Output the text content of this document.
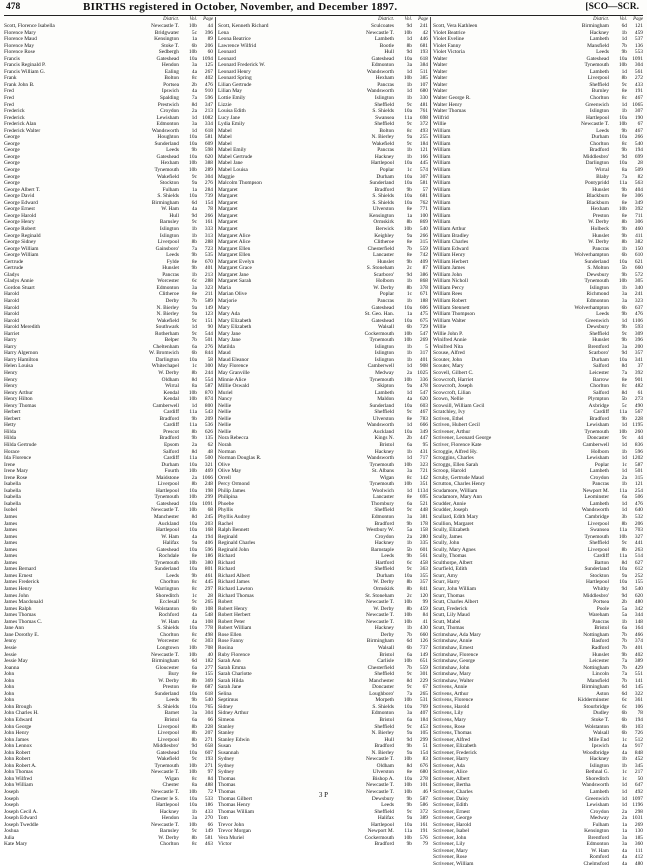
478	BIRTHS registered in October, November, and December 1897.	[SCO—SCR.
District.	Vol.	Page
Scott, Florence Isabella	Newcastle T.	10b	44
Florence Mary	Bridgwater	5c	396
Florence Maud	Kensington	1a	89
Florence May	Stoke T.	6b	206
Florence Rose	Sedbergh	10b	60
Francis	Gateshead	10a 1094
Francis Reginald P.	Hendon	3a	125
Francis William G.	Ealing	4a	267
Frank	Bolton	8c	402
Frank John B.	Portsea	2b	476
Fred	Ipswich	4a	910
Fred	Spalding	7a	596
Fred	Prestwich	8d	347
Frederick	Croydon	2a	213
Frederick	Lewisham	1d 1082
Frederick Alan	Edmonton	3a	334
Frederick Walter	Wandsworth	1d	618
George	Houghton	10a	581
George	Sunderland	10a	609
George	Leeds	9b	598
George	Gateshead	10a	620
George	Hexham	10b	388
George	Tynemouth	10b	289
George	Wakefield	9c	304
George	Stockton	9a	276
George Albert T.	Fulham	1a	284
George David	S. Shields	10a	739
George Edward	Birmingham	6d	154
George Ernest	W. Ham	4a	78
George Harold	Hull	9d	266
George Henry	Barnsley	9c	161
George Robert	Islington	1b	333
George Reginald	Islington	1b	313
George Sidney	Liverpool	8b	288
George William	Gainsboro'	7a	723
George William	Leeds	9b	535
Gertrude	Fylde	8e	670
Gertrude	Hunslet	9b	401
Gladys	Pancras	1b	213
Gladys Annie	Worcester	6c	288
Gordon Stuart	Edmonton	3a	323
Harold	Clitheroe	8e	211
Harold	Derby	7b	589
Harold	N. Bierley	9a	149
Harold	N. Bierley	9a	123
Harold	Wakefield	9c	151
Harold Meredith	Southwark	1d	90
Harriet	Rotherham	9c	544
Harry	Belper	7b	501
Harry	Cheltenham	6a	276
Harry Algernon	W. Bromwich	6b	844
Harry Hamilton	Darlington	10a	58
Helen Louisa	Whitechapel	1c	300
Henry	W. Derby	8b	244
Henry	Oldham	8d	554
Henry	Wirral	8a	587
Henry Arthur	Kendal	10b	870
Henry Hilton	Kendal	10b	874
Henry Thomas	Camberwell	1d	800
Herbert	Cardiff	11a	543
Herbert	Bradford	9b	209
Hetty	Cardiff	11a	536
Hilda	Prescot	8b	626
Hilda	Bradford	9b	135
Hilda Gertrude	Epsom	2a	62
Horace	Salford	8d	48
Ida Florence	Cardiff	11a	500
Irene	Durham	10a	321
Irene Mary	Fourth	10b	469
Irene Rose	Maidstone	2a 1066
Isabella	Liverpool	8b	248
Isabella	Hartlepool	10a	198
Isabella	Tynemouth	10b	299
Isabella	Gateshead	10a 1091
Isobel	Newcastle T.	10b	68
James	Manchester	8d	245
James	Auckland	10a	203
James	Hartlepool	10a	168
James	W. Ham	4a	194
James	Halifax	9a	406
James	Gateshead	10a	596
James	Rochdale	8e	186
James	Tynemouth	10b	380
James Bernard	Sunderland	10a	801
James Ernest	Leeds	9b	461
James Frederick	Chorlton	8c	445
James Henry	Warrington	8c	297
James John	Shoreditch	1c	28
James Macdonald	Ecclesall	9c	265
James Ralph	Wolstanton	6b	108
James Thomas	Rochford	4a	548
James Thomas C.	W. Ham	4a	108
Jane Ann	S. Shields	10a	778
Jane Dorothy E.	Chorlton	8c	498
Jenny	Worcester	6c	303
Jessie	Longtown	10b	708
Jessie	Newcastle T.	10b	40
Jessie May	Birmingham	6d	182
Joanna	Gloucester	6a	277
John	Bury	8e	155
John	W. Derby	8b	369
John	Preston	8e	687
John	Sunderland	10a	618
John	Leeds	9b	540
John Brough	S. Shields	10a	765
John Charles H.	Barnet	3a	304
John Edward	Bristol	6a	66
John George	Liverpool	8b	228
John Henry	Liverpool	8b	207
John James	Liverpool	8b	271
John Lennox	Middlesbro'	9d	658
John Robert	Gateshead	10a	607
John Robert	Wakefield	9c	193
John Robert A.	Tynemouth	10b	271
John Thomas	Newcastle T.	10b	97
John Wilfred	Wigan	8c	84
John William	Chester	8a	488
Joseph	Newcastle T.	10b	72
Joseph	Chester le S.	10a	533
Joseph	Hartlepool	10a	186
Joseph Cecil A.	Hackney	1b	433
Joseph Edward	Hendon	3a	270
Joseph Tweddle	Newcastle T.	10b	66
Joshua	Barnsley	9c	149
Julia	W. Derby	8b	581
Kate Mary	Chorlton	8c	463
District.	Vol.	Page
Scott, Kenneth Richard	Sculcoates	9d	241
Lena	Newcastle T.	10b	42
Leona Beatrice	Lambeth	1d	446
Lawrence Wilfrid	Bootle	8b	681
Leonard	Hull	9d	193
Leonard	Gateshead	10a	618
Leonard Frederick W.	Edmonton	3a	384
Leonard Henry	Wandsworth	1d	511
Leonard Spring	Hexham	10b	385
Lilian Gertrude	Pancras	1b	107
Lilian May	Wandsworth	1d	680
Lottie Emily	Islington	1b	330
Lizzie	Sheffield	9c	481
Louisa Edith	S. Shields	10a	761
Lucy Jane	Swansea	11a	698
Lydia Emily	Sheffield	9c	372
Mabel	Bolton	8c	493
Mabel	N. Bierley	9a	255
Mabel	Wakefield	9c	184
Mabel Emily	Pancras	1b	121
Mabel Gertrude	Hackney	1b	166
Mabel Jane	Hartlepool	10a	445
Mabel Louisa	Poplar	1c	574
Maggie	Durham	10a	307
Malcolm Thompson	Sunderland	10a	581
Margaret	Bradford	9b	57
Margaret	S. Shields	10a	681
Margaret	S. Shields	10a	762
Margaret	Ulverston	8e	771
Margaret	Kensington	1a	100
Margaret	Ormskirk	8b	869
Margaret	Berwick	10b	540
Margaret Alice	Keighley	9a	266
Margaret Alice	Clitheroe	8e	315
Margaret Ellen	Chesterfield	7b	559
Margaret Ellen	Lancaster	8e	742
Margaret Evelyn	Hunslet	9b	409
Margaret Grace	S. Stoneham	2c	87
Margaret Jane	Scarboro'	9d	386
Margaret Sarah	Holborn	1b	868
Maria	W. Derby	8b	378
Marian Olive	Poplar	1c	671
Marjorie	Pancras	1b	188
Mary	Gateshead	10a	606
Mary Ada	St. Geo. Han.	1a	475
Mary Elizabeth	Gateshead	10a	675
Mary Elizabeth	Walsall	6b	729
Mary Jane	Cockermouth	10b	547
Mary Jane	Tynemouth	10b	269
Matilda	Islington	1b	5
Maud	Islington	1b	317
Maud Eleanor	Islington	1b	401
May Florence	Camberwell	1d	908
May Granville	Medway	2a 1025
Minnie Alice	Tynemouth	10b	336
Millie Oswald	Skipton	9a	478
Muriel	Lambeth	1d	547
Nancy	Maldon	4a	620
Nellie	Sunderland	10a	603
Nellie	Sheffield	9c	467
Nellie	Ulverston	8e	783
Nellie	Wandsworth	1d	666
Nellie	Auckland	10a	349
Nora Rebecca	Kings N.	2b	447
Norah	Bristol	6a	95
Norman	Hackney	1b	431
Norman Douglas R.	Wandsworth	1d	717
Olive	Tynemouth	10b	323
Olive May	St. Albans	3a	721
Orrell	Wigan	8c	142
Percy Ormond	Tynemouth	10b	351
Philip James	Woolwich	1d	1134
Philipina	Lancaster	8e	695
Phoebe	Thornbury	6a	521
Phyllis	Sheffield	9c	448
Phyllis Audrey	Edmonton	3a	381
Rachel	Bradford	9b	178
Ralph Bennett	Westbury W.	5a	158
Reginald	Croydon	2a	280
Reginald Charles	Hackney	1b	335
Reginald John	Barnstaple	5b	601
Richard	Leeds	9b	561
Richard	Hartford	6c	458
Richard	Sheffield	9c	363
Richard Albert	Durham	10a	355
Richard James	W. Derby	8b	357
Richard Lawton	Ormskirk	8b	841
Richard Thomas	St. Stoneham	2c	120
Robert	Newcastle T.	10b	99
Robert Henry	W. Derby	8b	459
Robert Herbert	Newcastle T.	10b	84
Robert Peter	Newcastle T.	10b	41
Robert William	Hackney	1b	430
Rose Ellen	Derby	7b	660
Rose Fanny	Birmingham	6d	126
Rosina	Walsall	6b	737
Ruby Florence	Bristol	6a	149
Sarah Ann	Carlisle	10b	651
Sarah Emma	Chesterfield	7b	559
Sarah Charlotte	Sheffield	9c	301
Sarah Hilda	Manchester	8d	229
Sarah Jane	Doncaster	9c	67
Selina	Loughboro'	7a	265
Septimus	Morpeth	10b	531
Sidney	S. Shields	10a	769
Sidney Arthur	Edmonton	3a	407
Simeon	Bristol	6a	184
Stanley	Sheffield	9c	453
Stanley	N. Bierley	9a	105
Stanley Edwin	Hull	9d	299
Susan	Bradford	9b	51
Susannah	N. Bierley	9a	154
Sydney	Newcastle T.	10b	83
Sydney	Oldham	8d	676
Sydney	Ulverston	8e	680
Thomas	Bishop A.	10a	278
Thomas	Newcastle T.	10b	101
Thomas	Newcastle T.	10b	46
Thomas Gilbert	Dewsbury	9b	587
Thomas Henry	Leeds	9b	586
Thomas William	Sheffield	9c	372
Tom	Halifax	9a	389
Trevor John	Hartlepool	10a	161
Trevor Morgan	Newport M.	11a	191
Vera Muriel	Cockermouth	10b	576
Victor	Bradford	9b	79
District.	Vol.	Page
Scott, Vera Kathleen	Birmingham	6d	121
Violet Beatrice	Hackney	1b	459
Violet Eveline	Lambeth	1d	537
Violet Fanny	Mansfield	7b	136
Violet Victoria	Leeds	9b	553
Walter	Gateshead	10a 1091
Walter	Tynemouth	10b	304
Walter	Lambeth	1d	561
Walter	Liverpool	8b	272
Walter	Sheffield	9c	433
Walter	Burnley	8e	191
Walter George R.	Chorlton	8c	467
Walter Henry	Greenwich	1d 1065
Walter Thomas	Islington	1b	307
Wilfrid	Hartlepool	10a	190
Willie	Newcastle T.	10b	67
William	Leeds	9b	467
William	Durham	10a	266
William	Chorlton	8c	540
William	Bradford	9b	194
William	Middlesbro'	9d	699
William	Darlington	10a	28
William	Wirral	8a	509
William	Blaby	7a	82
William	Pontypridd	11a	563
William	Hunslet	9b	404
William	Blackburn	8e	306
William	Blackburn	8e	349
William	Hexham	10b	392
William	Preston	8e	711
William	W. Derby	8b	306
William Arthur	Holbeck	9b	460
William Bradley	Hunslet	9b	411
William Charles	W. Derby	8b	382
William Edward	Pancras	1b	150
William Henry	Wolverhampton	6b	610
William Herbert	Sunderland	10a	621
William James	S. Molton	5b	660
William John	Dewsbury	9b	572
William Nicholl	Tynemouth	10b	305
William Percy	Islington	1b	340
William Rees	Richmond	3a	241
William Robert	Edmonton	3a	323
William Stennett	Wolverhampton	6b	637
William Thompson	Leeds	9b	476
William Walter	Greenwich	1d	1106
Willie	Dewsbury	9b	593
Willie John P.	Sheffield	9c	309
Winifred Annie	Hunslet	9b	396
Winifred Nita	Brentford	3a	200
Scouse, Alfred	Scarboro'	9d	357
Scouter, John	Durham	10a	341
Scouter, Mary	Salford	8d	37
Scovell, Gilbert C.	Leicester	7a	392
Scowcroft, Harriet	Barrow	8e	901
Scowcroft, Joseph	Chorlton	8c	482
Scowcroft, Lilian	Salford	8d	61
Scown, Nellie	Plympton	5b	273
Scowsill, William Cecil	Axbridge	5c	490
Scratchley, Ivy	Cardiff	11a	567
Scriven, Ethel	Bradford	9b	228
Scriven, Hubert Cecil	Lewisham	1d	1195
Scrivener, Arthur	Tynemouth	10b	260
Scrivener, Leonard George	Doncaster	9c	44
Scriver, Florence Kate	Camberwell	1d	836
Scroggie, Alfred Hy.	Holborn	1b	596
Scroggins, Charles	Lewisham	1d 1202
Scroggs, Ellen Sarah	Poplar	1c	587
Scroop, Harold	Lambeth	1d	501
Scruby, Gertrude Maud	Croydon	2a	315
Scrutton, Charles Henry	Pancras	1b	121
Scudamore, William	Newport M.	11a	254
Scudamore, Mary Ann	Leominster	6a	506
Scudder, Annie	Lambeth	1d	476
Scudder, Joseph	Wandsworth	1d	640
Scullard, Edith Mary	Cambridge	3b	532
Scullion, Margaret	Liverpool	8b	206
Scully, Elizabeth	Swansea	11a	703
Scully, James	Tynemouth	10b	327
Scully, John	Sheffield	9c	441
Scully, Mary Agnes	Liverpool	8b	263
Scully, Thomas	Cardiff	11a	514
Sculthorpe, Albert	Barton	8d	627
Scurfield, Edith	Sunderland	10a	612
Scurr, Amy	Stockton	9a	252
Scurr, Harry	Hartlepool	10a	155
Scurr, John William	Whitby	9d	540
Scurr, Thomas	Middlesbro'	9d	620
Scutt, Charles Albert	Portsea	2b	480
Scutt, Frederick	Poole	5a	342
Scutt, Lily Maud	Wareham	5a	344
Scutt, Mabel	Pancras	1b	148
Scutt, Thomas	Bristol	6a	164
Scrimshaw, Ada Mary	Nottingham	7b	466
Scrimshaw, Annie	Basford	7b	374
Scrimshaw, Ernest	Radford	7b	401
Scrimshaw, Florence	Hunslet	9b	402
Scrimshaw, George	Leicester	7a	389
Scrimshaw, John	Nottingham	7b	429
Scrimshaw, Mary	Lincoln	7a	551
Scrimshaw, Walter	Mansfield	7b	141
Scrivens, Annie	Birmingham	6d	145
Scrivens, Arthur	Aston	6d	322
Scrivens, Florence	Kidderminster	6c	361
Scrivens, Harold	Stourbridge	6c	106
Scrivens, Lily	Dudley	6b	78
Scrivens, Mary	Stoke T.	6b	194
Scrivens, Rose	Wolstanton	6b	103
Scrivens, Thomas	Walsall	6b	726
Scrivener, Alfred	Mile End	1c	512
Scrivener, Elizabeth	Ipswich	4a	917
Scrivener, Frederick	Woodbridge	4a	848
Scrivener, Harry	Hackney	1b	452
Scrivener, Ada	Islington	1b	345
Scrivener, Alice	Bethnal G.	1c	217
Scrivener, Albert	Shoreditch	1c	50
Scrivener, Bertha	Wandsworth	1d	647
Scrivener, Charles	Lambeth	1d	492
Scrivener, Daisy	Greenwich	1d 1097
Scrivener, Edith	Lewisham	1d	1196
Scrivener, Ernest	Croydon	2a	298
Scrivener, George	Medway	2a 1031
Scrivener, Harold	Fulham	1a	269
Scrivener, Isabel	Kensington	1a	130
Scrivener, John	Brentford	3a	185
Scrivener, Lily	Edmonton	3a	360
Scrivener, Mary	W. Ham	4a	111
Scrivener, Rose	Romford	4a	412
Scrivener, William	Chelmsford	4a	480
3 P
